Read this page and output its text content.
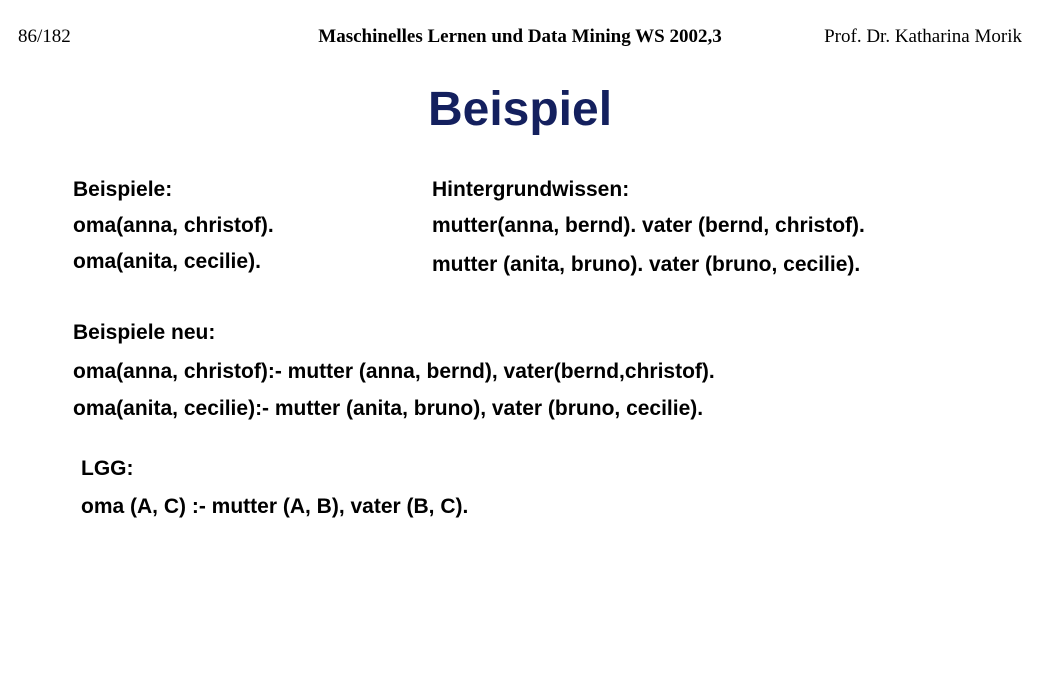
86/182	Maschinelles Lernen und Data Mining WS 2002,3	Prof. Dr. Katharina Morik
Beispiel
Beispiele:
oma(anna, christof).
oma(anita, cecilie).
Hintergrundwissen:
mutter(anna, bernd). vater (bernd, christof).
mutter (anita, bruno). vater (bruno, cecilie).
Beispiele neu:
oma(anna, christof):- mutter (anna, bernd), vater(bernd,christof).
oma(anita, cecilie):- mutter (anita, bruno), vater (bruno, cecilie).
LGG:
oma (A, C) :- mutter (A, B), vater (B, C).
